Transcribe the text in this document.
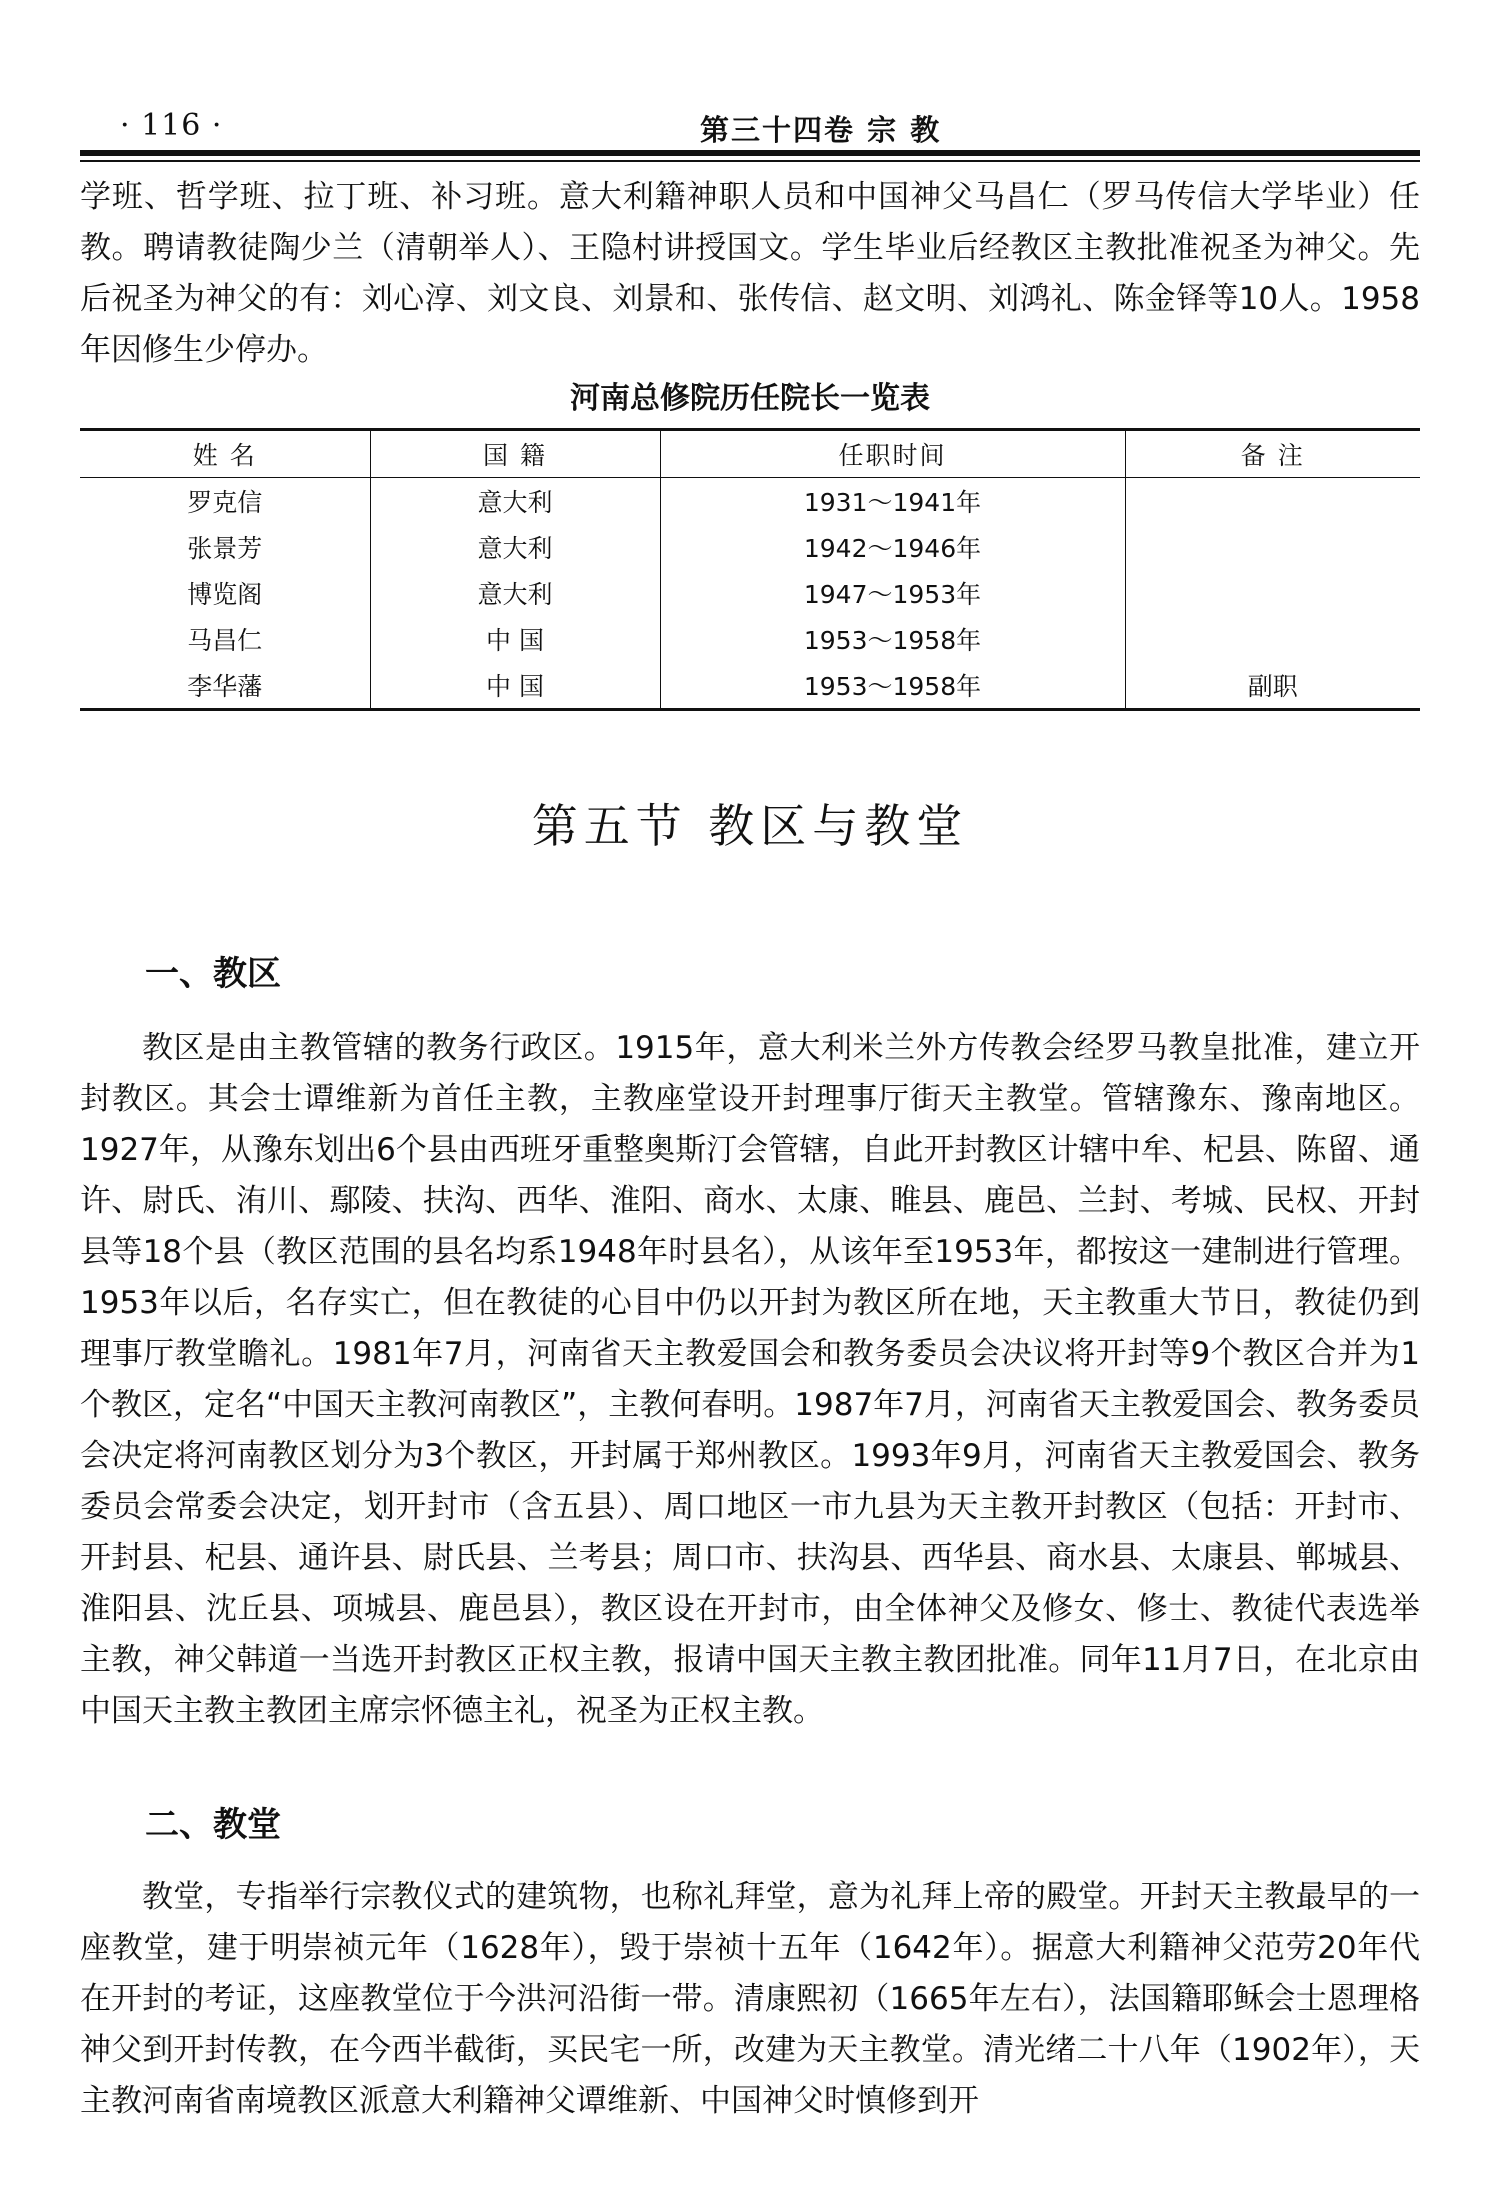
· 116 ·	第三十四卷 宗 教
学班、哲学班、拉丁班、补习班。意大利籍神职人员和中国神父马昌仁（罗马传信大学毕业）任教。聘请教徒陶少兰（清朝举人）、王隐村讲授国文。学生毕业后经教区主教批准祝圣为神父。先后祝圣为神父的有：刘心淳、刘文良、刘景和、张传信、赵文明、刘鸿礼、陈金铎等10人。1958年因修生少停办。
河南总修院历任院长一览表
姓 名	国 籍	任职时间	备 注
罗克信	意大利	1931～1941年	
张景芳	意大利	1942～1946年	
博览阁	意大利	1947～1953年	
马昌仁	中 国	1953～1958年	
李华藩	中 国	1953～1958年	副职
第五节 教区与教堂
一、教区
教区是由主教管辖的教务行政区。1915年，意大利米兰外方传教会经罗马教皇批准，建立开封教区。其会士谭维新为首任主教，主教座堂设开封理事厅街天主教堂。管辖豫东、豫南地区。1927年，从豫东划出6个县由西班牙重整奥斯汀会管辖，自此开封教区计辖中牟、杞县、陈留、通许、尉氏、洧川、鄢陵、扶沟、西华、淮阳、商水、太康、睢县、鹿邑、兰封、考城、民权、开封县等18个县（教区范围的县名均系1948年时县名），从该年至1953年，都按这一建制进行管理。1953年以后，名存实亡，但在教徒的心目中仍以开封为教区所在地，天主教重大节日，教徒仍到理事厅教堂瞻礼。1981年7月，河南省天主教爱国会和教务委员会决议将开封等9个教区合并为1个教区，定名“中国天主教河南教区”，主教何春明。1987年7月，河南省天主教爱国会、教务委员会决定将河南教区划分为3个教区，开封属于郑州教区。1993年9月，河南省天主教爱国会、教务委员会常委会决定，划开封市（含五县）、周口地区一市九县为天主教开封教区（包括：开封市、开封县、杞县、通许县、尉氏县、兰考县；周口市、扶沟县、西华县、商水县、太康县、郸城县、淮阳县、沈丘县、项城县、鹿邑县），教区设在开封市，由全体神父及修女、修士、教徒代表选举主教，神父韩道一当选开封教区正权主教，报请中国天主教主教团批准。同年11月7日，在北京由中国天主教主教团主席宗怀德主礼，祝圣为正权主教。
二、教堂
教堂，专指举行宗教仪式的建筑物，也称礼拜堂，意为礼拜上帝的殿堂。开封天主教最早的一座教堂，建于明崇祯元年（1628年），毁于崇祯十五年（1642年）。据意大利籍神父范劳20年代在开封的考证，这座教堂位于今洪河沿街一带。清康熙初（1665年左右），法国籍耶稣会士恩理格神父到开封传教，在今西半截街，买民宅一所，改建为天主教堂。清光绪二十八年（1902年），天主教河南省南境教区派意大利籍神父谭维新、中国神父时慎修到开
